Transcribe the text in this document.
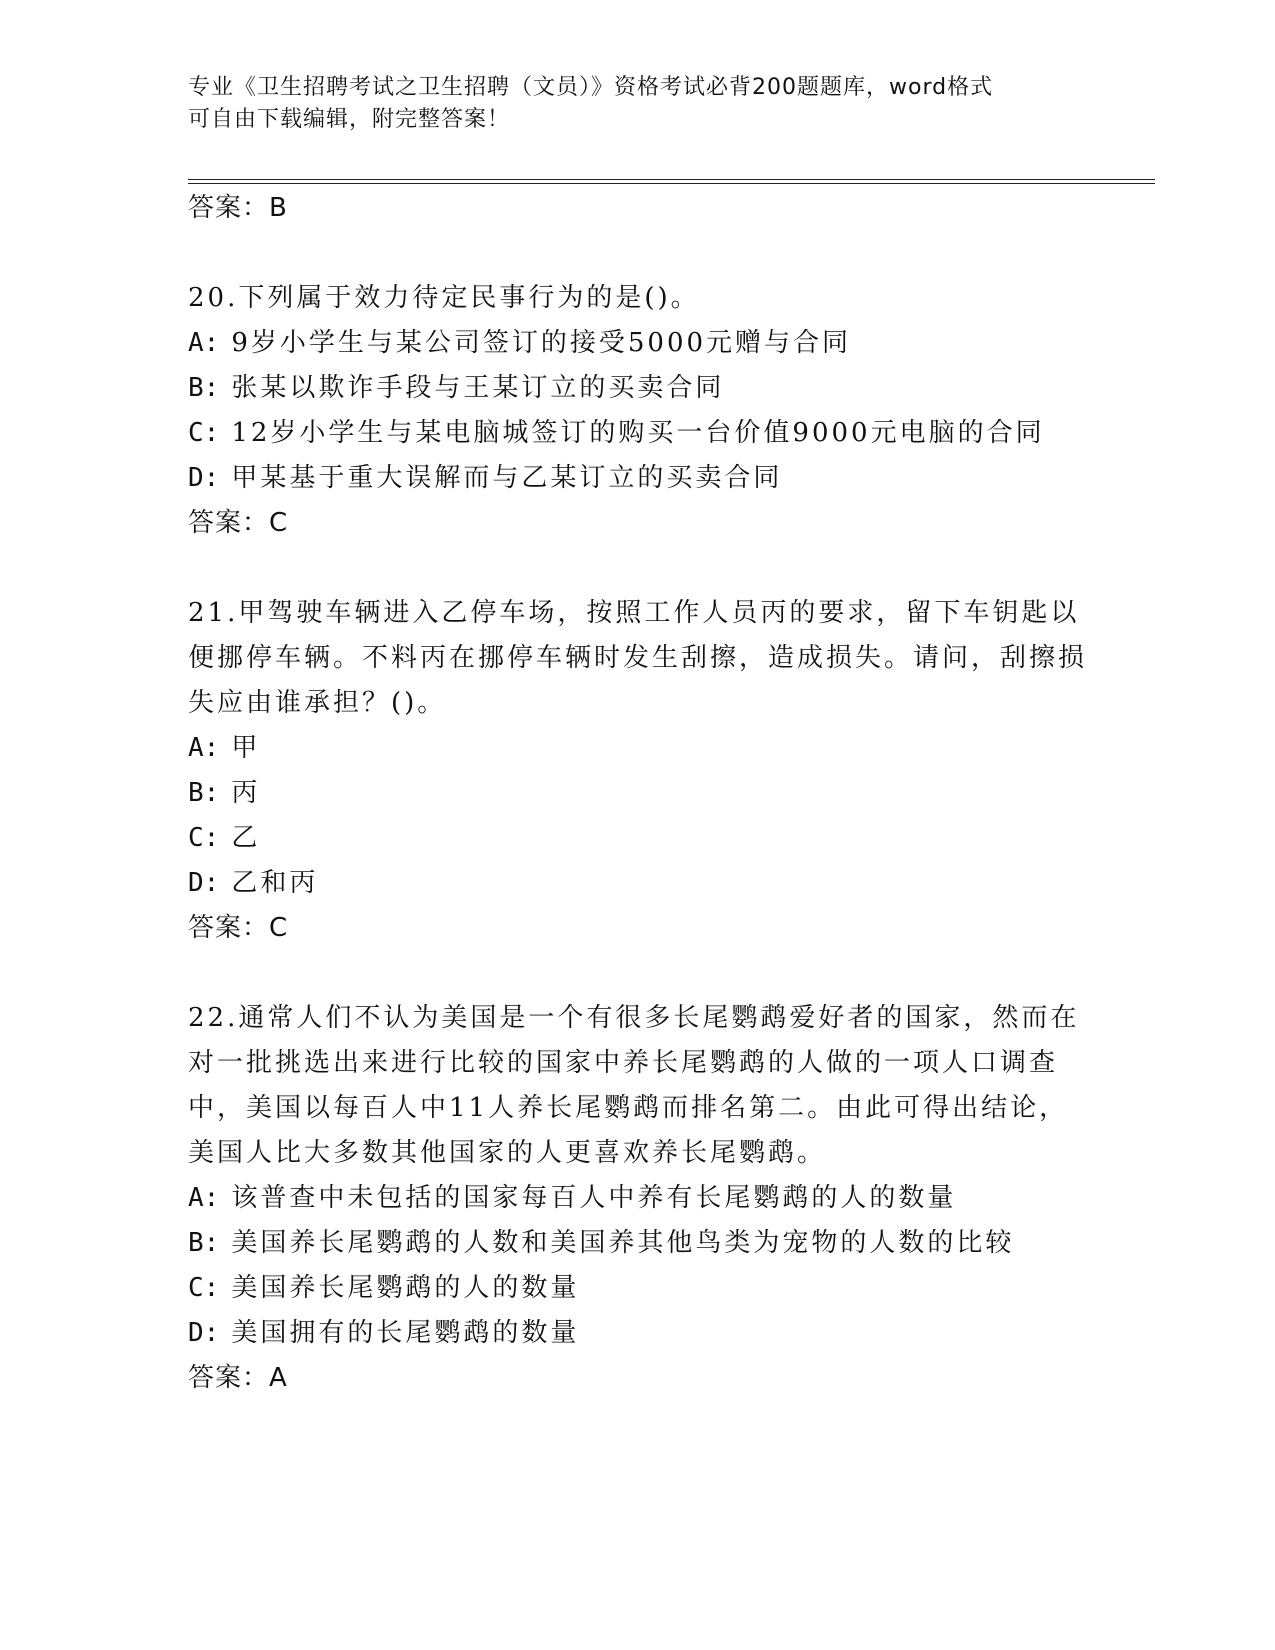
专业《卫生招聘考试之卫生招聘（文员）》资格考试必背200题题库，word格式
可自由下载编辑，附完整答案！
答案：B
20.下列属于效力待定民事行为的是()。
A: 9岁小学生与某公司签订的接受5000元赠与合同
B: 张某以欺诈手段与王某订立的买卖合同
C: 12岁小学生与某电脑城签订的购买一台价值9000元电脑的合同
D: 甲某基于重大误解而与乙某订立的买卖合同
答案：C
21.甲驾驶车辆进入乙停车场，按照工作人员丙的要求，留下车钥匙以便挪停车辆。不料丙在挪停车辆时发生刮擦，造成损失。请问，刮擦损失应由谁承担？()。
A: 甲
B: 丙
C: 乙
D: 乙和丙
答案：C
22.通常人们不认为美国是一个有很多长尾鹦鹉爱好者的国家，然而在对一批挑选出来进行比较的国家中养长尾鹦鹉的人做的一项人口调查中，美国以每百人中11人养长尾鹦鹉而排名第二。由此可得出结论，美国人比大多数其他国家的人更喜欢养长尾鹦鹉。
A: 该普查中未包括的国家每百人中养有长尾鹦鹉的人的数量
B: 美国养长尾鹦鹉的人数和美国养其他鸟类为宠物的人数的比较
C: 美国养长尾鹦鹉的人的数量
D: 美国拥有的长尾鹦鹉的数量
答案：A
